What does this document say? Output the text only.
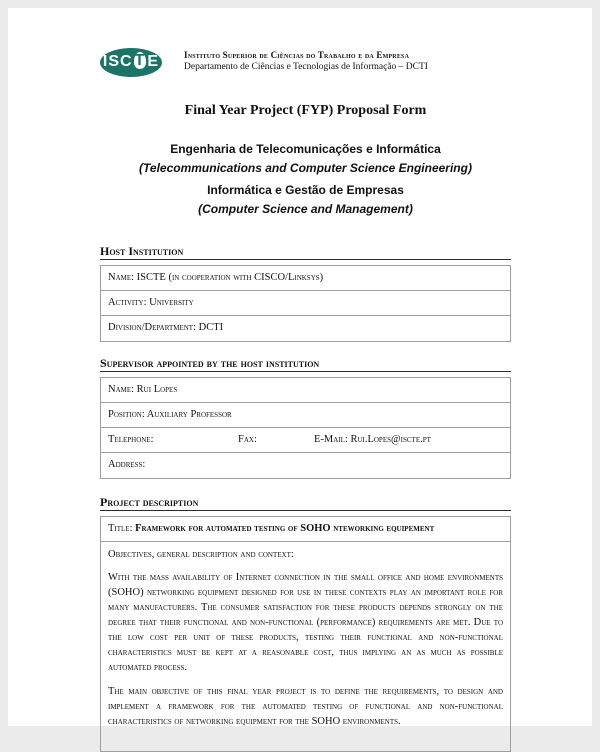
I S C T E	Instituto Superior de Ciências do Trabalho e da Empresa
Departamento de Ciências e Tecnologias de Informação – DCTI
Final Year Project (FYP) Proposal Form
Engenharia de Telecomunicações e Informática
(Telecommunications and Computer Science Engineering)
Informática e Gestão de Empresas
(Computer Science and Management)
Host Institution
Name: ISCTE (in cooperation with CISCO/Linksys)
Activity: University
Division/Department: DCTI
Supervisor appointed by the host institution
Name: Rui Lopes
Position: Auxiliary Professor
Telephone:	Fax:	E-Mail: Rui.Lopes@iscte.pt
Address:
Project description
Title: Framework for automated testing of SOHO nteworking equipement
Objectives, general description and context:

With the mass availability of Internet connection in the small office and home environments (SOHO) networking equipment designed for use in these contexts play an important role for many manufacturers. The consumer satisfaction for these products depends strongly on the degree that their functional and non-functional (performance) requirements are met. Due to the low cost per unit of these products, testing their functional and non-functional characteristics must be kept at a reasonable cost, thus implying an as much as possible automated process.

The main objective of this final year project is to define the requirements, to design and implement a framework for the automated testing of functional and non-functional characteristics of networking equipment for the SOHO environments.
